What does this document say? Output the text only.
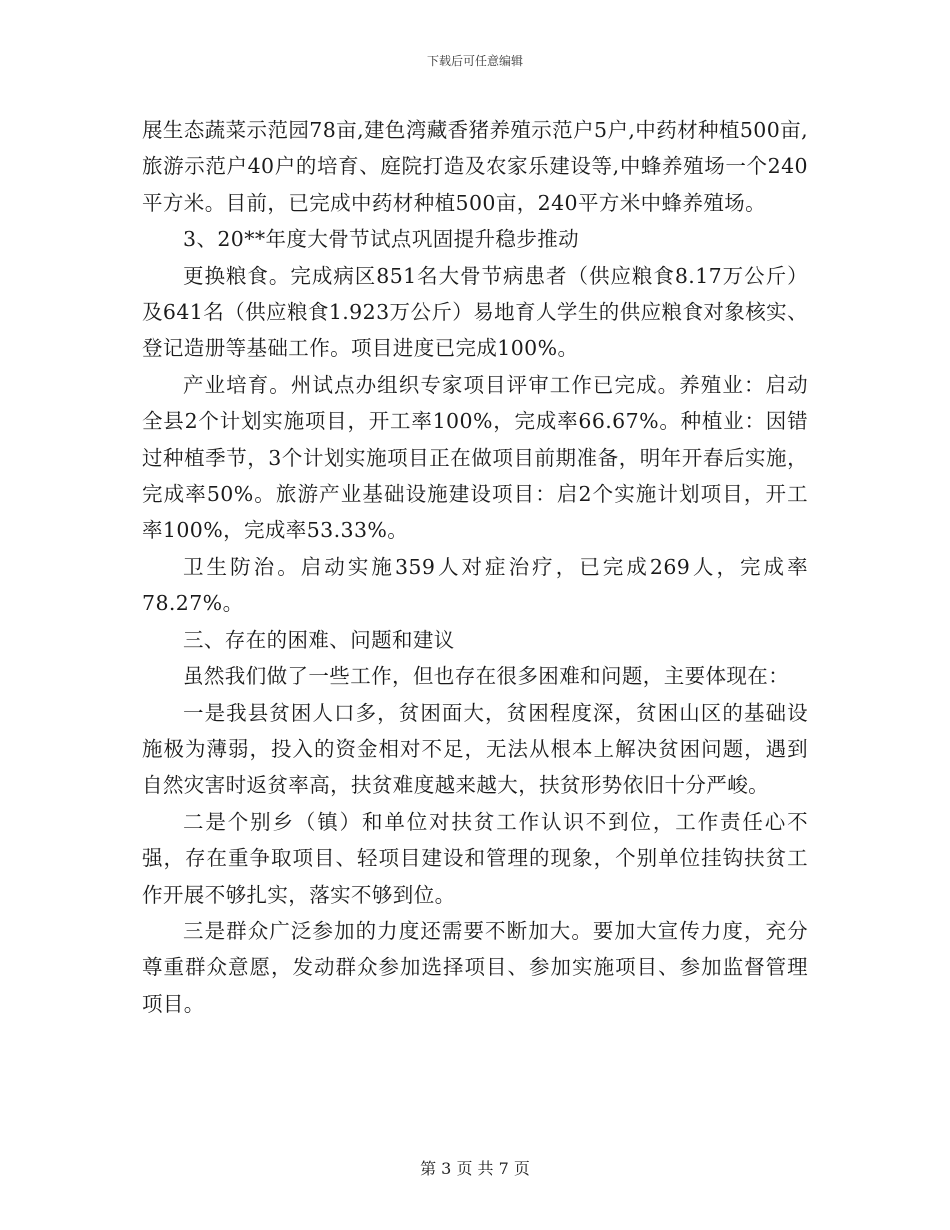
下载后可任意编辑

展生态蔬菜示范园78亩,建色湾藏香猪养殖示范户5户,中药材种植500亩,旅游示范户40户的培育、庭院打造及农家乐建设等,中蜂养殖场一个240平方米。目前，已完成中药材种植500亩，240平方米中蜂养殖场。

3、20**年度大骨节试点巩固提升稳步推动

更换粮食。完成病区851名大骨节病患者（供应粮食8.17万公斤）及641名（供应粮食1.923万公斤）易地育人学生的供应粮食对象核实、登记造册等基础工作。项目进度已完成100%。

产业培育。州试点办组织专家项目评审工作已完成。养殖业：启动全县2个计划实施项目，开工率100%，完成率66.67%。种植业：因错过种植季节，3个计划实施项目正在做项目前期准备，明年开春后实施，完成率50%。旅游产业基础设施建设项目：启2个实施计划项目，开工率100%，完成率53.33%。

卫生防治。启动实施359人对症治疗，已完成269人，完成率78.27%。

三、存在的困难、问题和建议

虽然我们做了一些工作，但也存在很多困难和问题，主要体现在：

一是我县贫困人口多，贫困面大，贫困程度深，贫困山区的基础设施极为薄弱，投入的资金相对不足，无法从根本上解决贫困问题，遇到自然灾害时返贫率高，扶贫难度越来越大，扶贫形势依旧十分严峻。

二是个别乡（镇）和单位对扶贫工作认识不到位，工作责任心不强，存在重争取项目、轻项目建设和管理的现象，个别单位挂钩扶贫工作开展不够扎实，落实不够到位。

三是群众广泛参加的力度还需要不断加大。要加大宣传力度，充分尊重群众意愿，发动群众参加选择项目、参加实施项目、参加监督管理项目。

第 3 页 共 7 页
